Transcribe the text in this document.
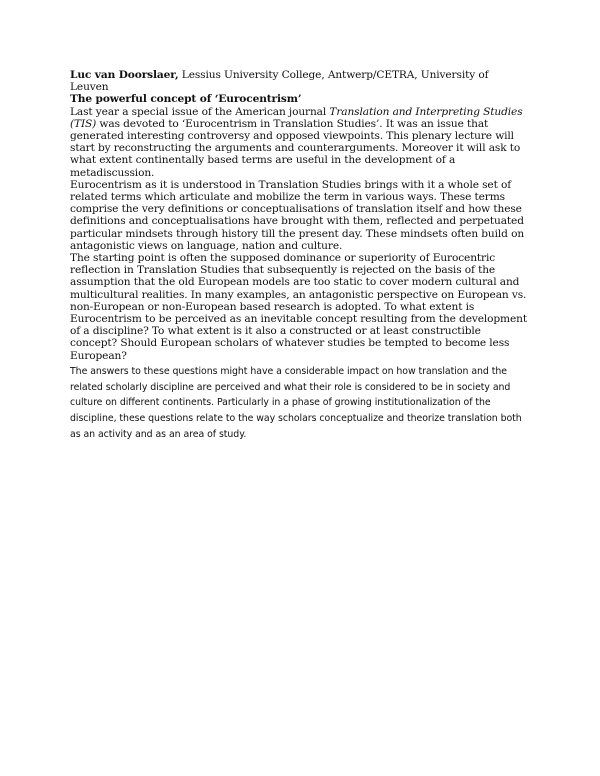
Luc van Doorslaer, Lessius University College, Antwerp/CETRA, University of Leuven

The powerful concept of ‘Eurocentrism’

Last year a special issue of the American journal Translation and Interpreting Studies (TIS) was devoted to ‘Eurocentrism in Translation Studies’. It was an issue that generated interesting controversy and opposed viewpoints. This plenary lecture will start by reconstructing the arguments and counterarguments. Moreover it will ask to what extent continentally based terms are useful in the development of a metadiscussion.

Eurocentrism as it is understood in Translation Studies brings with it a whole set of related terms which articulate and mobilize the term in various ways. These terms comprise the very definitions or conceptualisations of translation itself and how these definitions and conceptualisations have brought with them, reflected and perpetuated particular mindsets through history till the present day. These mindsets often build on antagonistic views on language, nation and culture.

The starting point is often the supposed dominance or superiority of Eurocentric reflection in Translation Studies that subsequently is rejected on the basis of the assumption that the old European models are too static to cover modern cultural and multicultural realities. In many examples, an antagonistic perspective on European vs. non-European or non-European based research is adopted. To what extent is Eurocentrism to be perceived as an inevitable concept resulting from the development of a discipline? To what extent is it also a constructed or at least constructible concept? Should European scholars of whatever studies be tempted to become less European?

The answers to these questions might have a considerable impact on how translation and the related scholarly discipline are perceived and what their role is considered to be in society and culture on different continents. Particularly in a phase of growing institutionalization of the discipline, these questions relate to the way scholars conceptualize and theorize translation both as an activity and as an area of study.
